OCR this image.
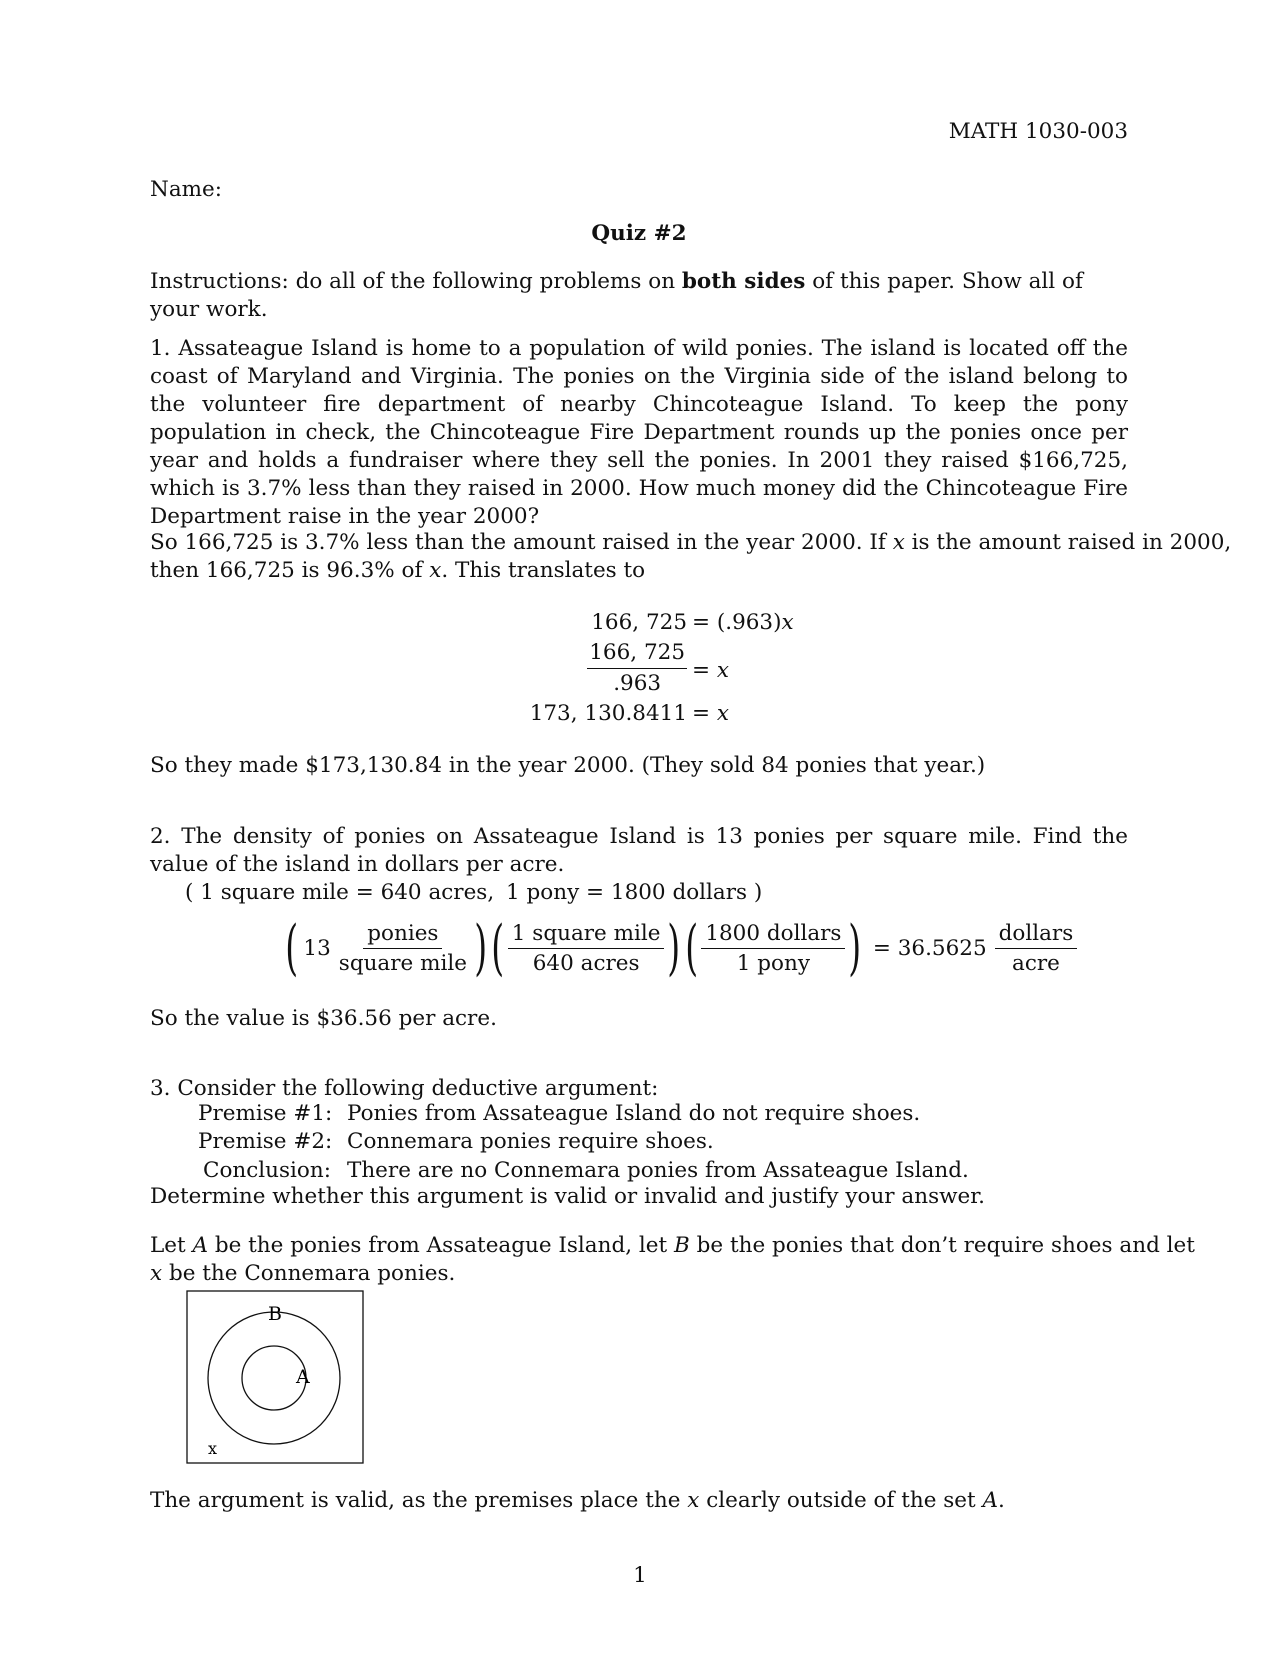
MATH 1030-003
Name:
Quiz #2
Instructions: do all of the following problems on both sides of this paper. Show all of your work.
1. Assateague Island is home to a population of wild ponies. The island is located off the coast of Maryland and Virginia. The ponies on the Virginia side of the island belong to the volunteer fire department of nearby Chincoteague Island. To keep the pony population in check, the Chincoteague Fire Department rounds up the ponies once per year and holds a fundraiser where they sell the ponies. In 2001 they raised $166,725, which is 3.7% less than they raised in 2000. How much money did the Chincoteague Fire Department raise in the year 2000?
So 166,725 is 3.7% less than the amount raised in the year 2000. If x is the amount raised in 2000,
then 166,725 is 96.3% of x. This translates to
166, 725 = (.963)x
$\frac{166, 725}{.963} = x$
173, 130.8411 = x
So they made $173,130.84 in the year 2000. (They sold 84 ponies that year.)
2. The density of ponies on Assateague Island is 13 ponies per square mile. Find the value of the island in dollars per acre.
( 1 square mile = 640 acres, 1 pony = 1800 dollars )
( $13 \frac{\text{ponies}}{\text{square mile}}$ ) ( $\frac{\text{1 square mile}}{\text{640 acres}}$ ) ( $\frac{\text{1800 dollars}}{\text{1 pony}}$ ) = $36.5625 \frac{\text{dollars}}{\text{acre}}$
So the value is $36.56 per acre.
3. Consider the following deductive argument:
Premise #1: Ponies from Assateague Island do not require shoes.
Premise #2: Connemara ponies require shoes.
Conclusion: There are no Connemara ponies from Assateague Island.
Determine whether this argument is valid or invalid and justify your answer.
Let A be the ponies from Assateague Island, let B be the ponies that don’t require shoes and let
x be the Connemara ponies.
B
A
x
The argument is valid, as the premises place the x clearly outside of the set A.
1
